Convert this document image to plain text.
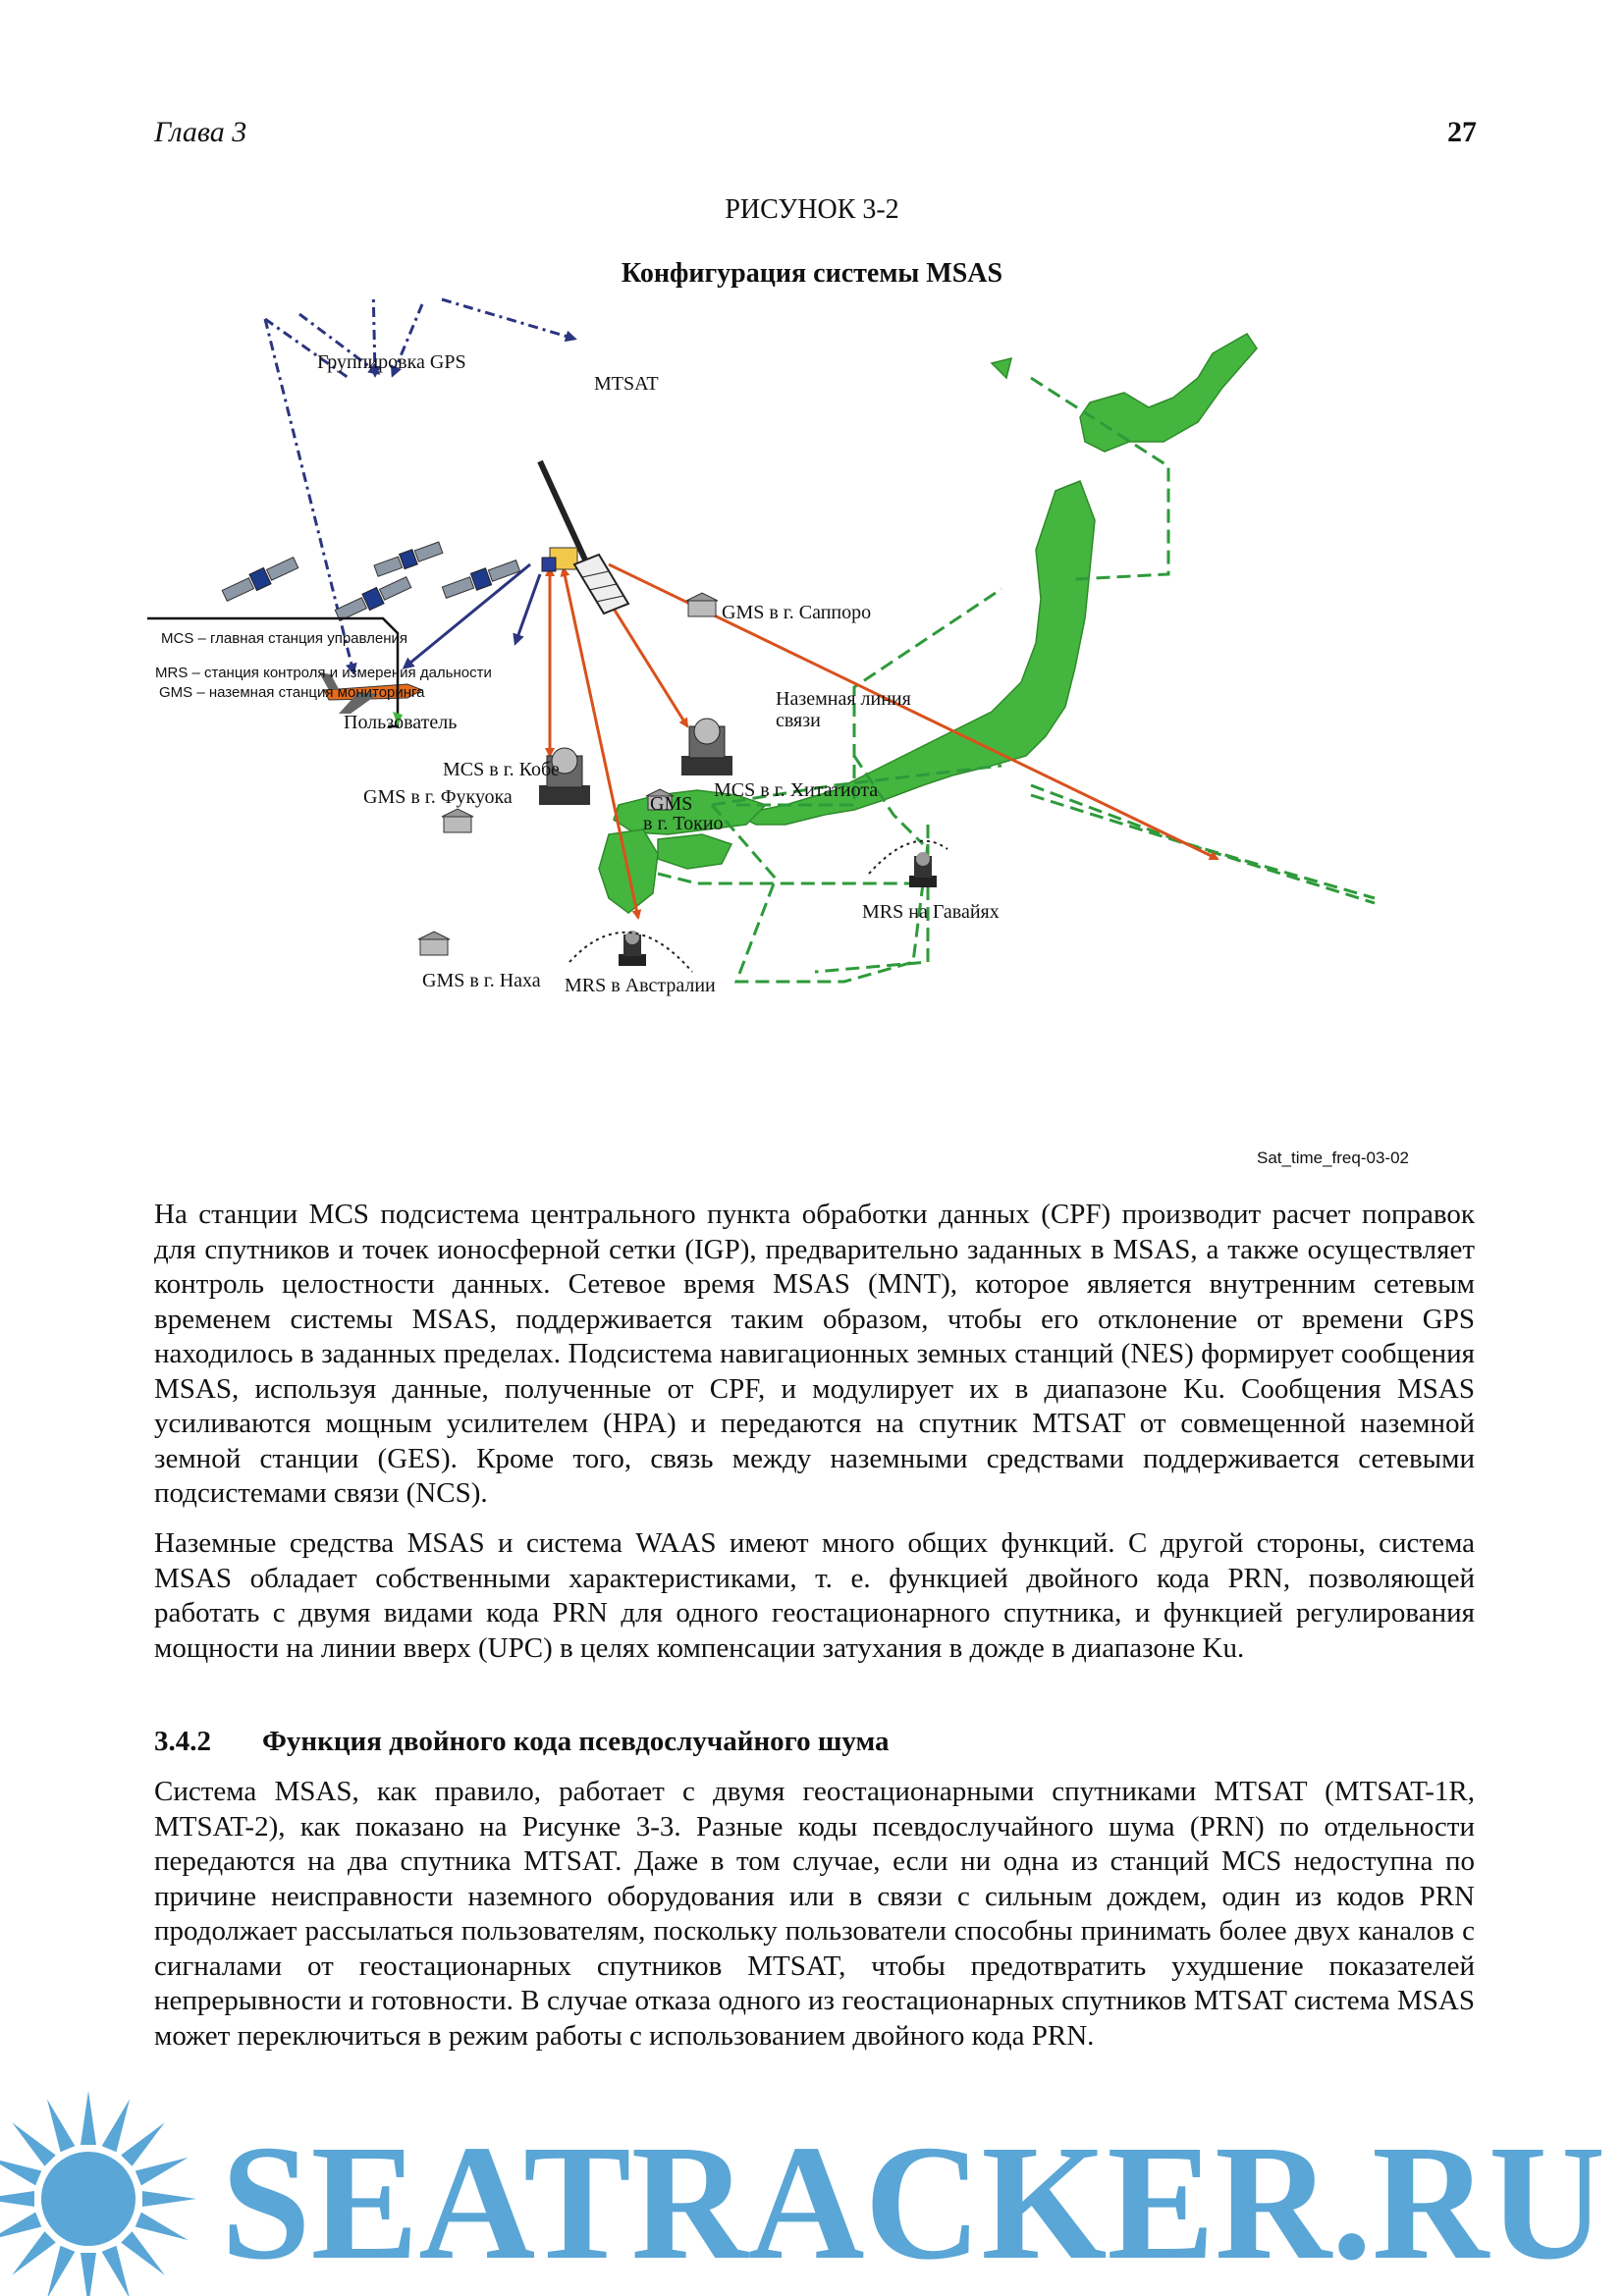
Глава 3	27
РИСУНОК 3-2
Конфигурация системы MSAS
Группировка GPS
MTSAT
Пользователь
GMS в г. Саппоро
Наземная линия
связи
MCS в г. Кобе
GMS в г. Фукуока	MCS в г. Хитатиота
GMS
в г. Токио
MRS на Гавайях
GMS в г. Наха MRS в Австралии
MCS – главная станция управления
MRS – станция контроля и измерения дальности
GMS – наземная станция мониторинга
Sat_time_freq-03-02

На станции MCS подсистема центрального пункта обработки данных (CPF) производит расчет поправок для спутников и точек ионосферной сетки (IGP), предварительно заданных в MSAS, а также осуществляет контроль целостности данных. Сетевое время MSAS (MNT), которое является внутренним сетевым временем системы MSAS, поддерживается таким образом, чтобы его отклонение от времени GPS находилось в заданных пределах. Подсистема навигационных земных станций (NES) формирует сообщения MSAS, используя данные, полученные от CPF, и модулирует их в диапазоне Ku. Сообщения MSAS усиливаются мощным усилителем (HPA) и передаются на спутник MTSAT от совмещенной наземной земной станции (GES). Кроме того, связь между наземными средствами поддерживается сетевыми подсистемами связи (NCS).

Наземные средства MSAS и система WAAS имеют много общих функций. С другой стороны, система MSAS обладает собственными характеристиками, т. е. функцией двойного кода PRN, позволяющей работать с двумя видами кода PRN для одного геостационарного спутника, и функцией регулирования мощности на линии вверх (UPC) в целях компенсации затухания в дожде в диапазоне Ku.

3.4.2 Функция двойного кода псевдослучайного шума

Система MSAS, как правило, работает с двумя геостационарными спутниками MTSAT (MTSAT-1R, MTSAT-2), как показано на Рисунке 3-3. Разные коды псевдослучайного шума (PRN) по отдельности передаются на два спутника MTSAT. Даже в том случае, если ни одна из станций MCS недоступна по причине неисправности наземного оборудования или в связи с сильным дождем, один из кодов PRN продолжает рассылаться пользователям, поскольку пользователи способны принимать более двух каналов с сигналами от геостационарных спутников MTSAT, чтобы предотвратить ухудшение показателей непрерывности и готовности. В случае отказа одного из геостационарных спутников MTSAT система MSAS может переключиться в режим работы с использованием двойного кода PRN.

SEATRACKER.RU
